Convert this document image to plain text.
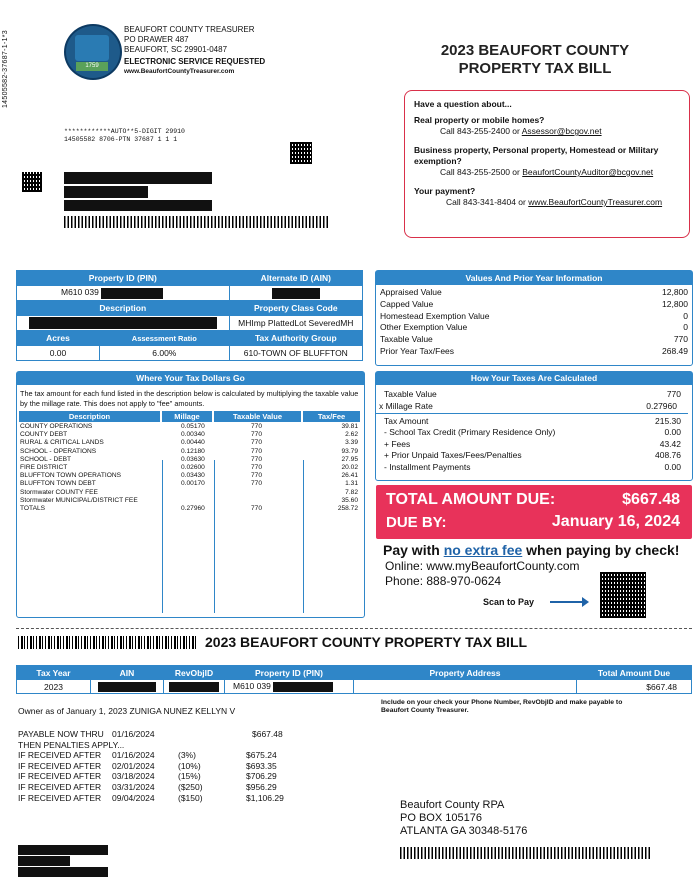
14505582-37687-1-1*3	1759
BEAUFORT COUNTY TREASURER
PO DRAWER 487
BEAUFORT, SC 29901-0487
ELECTRONIC SERVICE REQUESTED
www.BeaufortCountyTreasurer.com
2023 BEAUFORT COUNTY
PROPERTY TAX BILL
Have a question about...
Real property or mobile homes?
Call 843-255-2400 or Assessor@bcgov.net
Business property, Personal property, Homestead or Military exemption?
Call 843-255-2500 or BeaufortCountyAuditor@bcgov.net
Your payment?
Call 843-341-8404 or www.BeaufortCountyTreasurer.com
************AUTO**5-DIGIT 29910
14505582 8706-PTN 37687 1 1 1
Property ID (PIN)		Alternate ID (AIN)
M610 039		
Description		Property Class Code
		MHImp PlattedLot SeveredMH
Acres	Assessment Ratio	Tax Authority Group
0.00	6.00%	610-TOWN OF BLUFFTON
Values And Prior Year Information
Appraised Value	12,800
Capped Value	12,800
Homestead Exemption Value	0
Other Exemption Value	0
Taxable Value	770
Prior Year Tax/Fees	268.49
Where Your Tax Dollars Go
The tax amount for each fund listed in the description below is calculated by multiplying the taxable value by the millage rate. This does not apply to "fee" amounts.
Description	Millage	Taxable Value	Tax/Fee
COUNTY OPERATIONS	0.05170	770	39.81
COUNTY DEBT	0.00340	770	2.62
RURAL & CRITICAL LANDS	0.00440	770	3.39
SCHOOL - OPERATIONS	0.12180	770	93.79
SCHOOL - DEBT	0.03630	770	27.95
FIRE DISTRICT	0.02600	770	20.02
BLUFFTON TOWN OPERATIONS	0.03430	770	26.41
BLUFFTON TOWN DEBT	0.00170	770	1.31
Stormwater COUNTY FEE	7.82
Stormwater MUNICIPAL/DISTRICT FEE	35.60
TOTALS	0.27960	770	258.72
How Your Taxes Are Calculated
Taxable Value	770
x Millage Rate	0.27960
Tax Amount	215.30
- School Tax Credit (Primary Residence Only)	0.00
+ Fees	43.42
+ Prior Unpaid Taxes/Fees/Penalties	408.76
- Installment Payments	0.00
TOTAL AMOUNT DUE:	$667.48
DUE BY:	January 16, 2024
Pay with no extra fee when paying by check!
Online: www.myBeaufortCounty.com
Phone: 888-970-0624
Scan to Pay
2023 BEAUFORT COUNTY PROPERTY TAX BILL
Tax Year	AIN	RevObjID	Property ID (PIN)	Property Address	Total Amount Due
2023			M610 039		$667.48
Owner as of January 1, 2023 ZUNIGA NUNEZ KELLYN V
Include on your check your Phone Number, RevObjID and make payable to Beaufort County Treasurer.
PAYABLE NOW THRU 01/16/2024	$667.48
THEN PENALTIES APPLY...
IF RECEIVED AFTER 01/16/2024	(3%)	$675.24
IF RECEIVED AFTER 02/01/2024	(10%)	$693.35
IF RECEIVED AFTER 03/18/2024	(15%)	$706.29
IF RECEIVED AFTER 03/31/2024	($250)	$956.29
IF RECEIVED AFTER 09/04/2024	($150)	$1,106.29
Beaufort County RPA
PO BOX 105176
ATLANTA GA 30348-5176
